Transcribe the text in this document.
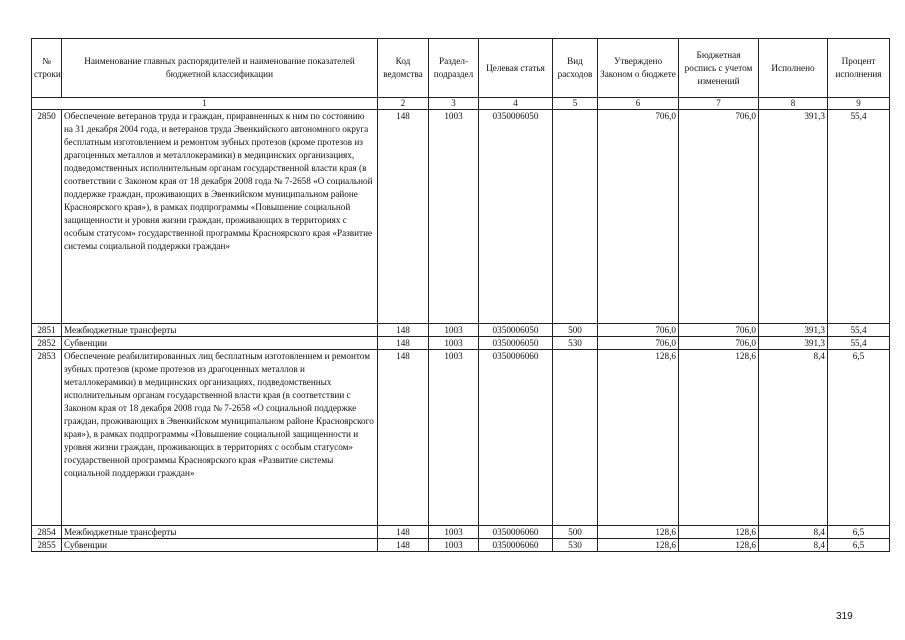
№ строки	Наименование главных распорядителей и наименование показателей бюджетной классификации	Код ведомства	Раздел-подраздел	Целевая статья	Вид расходов	Утверждено Законом о бюджете	Бюджетная роспись с учетом изменений	Исполнено	Процент исполнения
1		2	3	4	5	6	7	8	9
2850	Обеспечение ветеранов труда и граждан, приравненных к ним по состоянию на 31 декабря 2004 года, и ветеранов труда Эвенкийского автономного округа бесплатным изготовлением и ремонтом зубных протезов (кроме протезов из драгоценных металлов и металлокерамики) в медицинских организациях, подведомственных исполнительным органам государственной власти края (в соответствии с Законом края от 18 декабря 2008 года № 7-2658 «О социальной поддержке граждан, проживающих в Эвенкийском муниципальном районе Красноярского края»), в рамках подпрограммы «Повышение социальной защищенности и уровня жизни граждан, проживающих в территориях с особым статусом» государственной программы Красноярского края «Развитие системы социальной поддержки граждан»	148	1003	0350006050		706,0	706,0	391,3	55,4
2851	Межбюджетные трансферты	148	1003	0350006050	500	706,0	706,0	391,3	55,4
2852	Субвенции	148	1003	0350006050	530	706,0	706,0	391,3	55,4
2853	Обеспечение реабилитированных лиц бесплатным изготовлением и ремонтом зубных протезов (кроме протезов из драгоценных металлов и металлокерамики) в медицинских организациях, подведомственных исполнительным органам государственной власти края (в соответствии с Законом края от 18 декабря 2008 года № 7-2658 «О социальной поддержке граждан, проживающих в Эвенкийском муниципальном районе Красноярского края»), в рамках подпрограммы «Повышение социальной защищенности и уровня жизни граждан, проживающих в территориях с особым статусом» государственной программы Красноярского края «Развитие системы социальной поддержки граждан»	148	1003	0350006060		128,6	128,6	8,4	6,5
2854	Межбюджетные трансферты	148	1003	0350006060	500	128,6	128,6	8,4	6,5
2855	Субвенции	148	1003	0350006060	530	128,6	128,6	8,4	6,5
319
